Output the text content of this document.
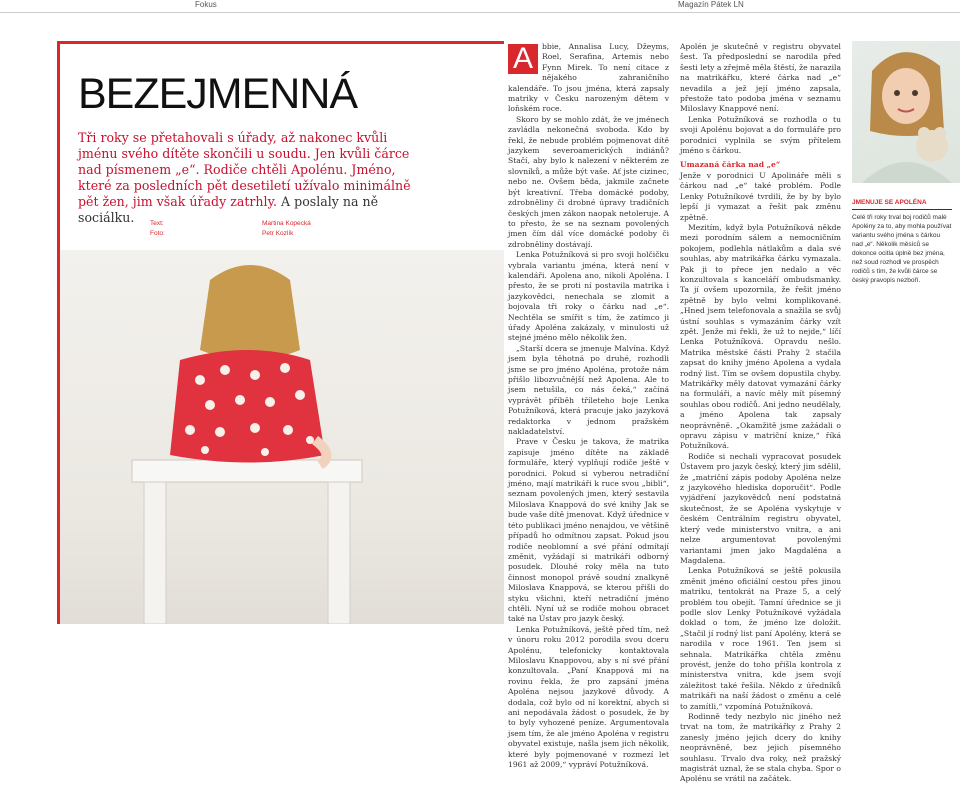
Fokus	Magazín Pátek LN
BEZEJMENNÁ

Tři roky se přetahovali s úřady, až nakonec kvůli jménu svého dítěte skončili u soudu. Jen kvůli čárce nad písmenem „e“. Rodiče chtěli Apolénu. Jméno, které za posledních pět desetiletí užívalo minimálně pět žen, jim však úřady zatrhly. A poslaly na ně sociálku.	Text:
Foto:
Martina Kopecká
Petr Kozlík
A	bbie, Annalisa Lucy, Džeyms, Roel, Serafina, Artemis nebo Fynn Mirek. To není citace z nějakého zahraničního kalendáře. To jsou jména, která zapsaly matriky v Česku narozeným dětem v loňském roce.

Skoro by se mohlo zdát, že ve jménech zavládla nekonečná svoboda. Kdo by řekl, že nebude problém pojmenovat dítě jazykem severoamerických indiánů? Stačí, aby bylo k nalezení v některém ze slovníků, a může být vaše. Ať jste cizinec, nebo ne. Ovšem běda, jakmile začnete být kreativní. Třeba domácké podoby, zdrobněliny či drobné úpravy tradičních českých jmen zákon naopak netoleruje. A to přesto, že se na seznam povolených jmen čím dál více domácké podoby či zdrobněliny dostávají.

Lenka Potužníková si pro svoji holčičku vybrala variantu jména, která není v kalendáři. Apolena ano, nikoli Apoléna. I přesto, že se proti ní postavila matrika i jazykovědci, nenechala se zlomit a bojovala tři roky o čárku nad „e“. Nechtěla se smířit s tím, že zatímco ji úřady Apoléna zakázaly, v minulosti už stejné jméno mělo několik žen.

„Starší dcera se jmenuje Malvína. Když jsem byla těhotná po druhé, rozhodli jsme se pro jméno Apoléna, protože nám přišlo libozvučnější než Apolena. Ale to jsem netušila, co nás čeká,“ začíná vyprávět příběh tříleteho boje Lenka Potužníková, která pracuje jako jazyková redaktorka v jednom pražském nakladatelství.

Prave v Česku je takova, že matrika zapisuje jméno dítěte na základě formuláře, který vyplňují rodiče ještě v porodnici. Pokud si vyberou netradiční jméno, mají matrikáři k ruce svou „bibli“, seznam povolených jmen, který sestavila Miloslava Knappová do své knihy Jak se bude vaše dítě jmenovat. Když úřednice v této publikaci jméno nenajdou, ve většině případů ho odmítnou zapsat. Pokud jsou rodiče neoblomní a své přání odmítají změnit, vyžádají si matrikáři odborný posudek. Dlouhé roky měla na tuto činnost monopol právě soudní znalkyně Miloslava Knappová, se kterou přišli do styku všichni, kteří netradiční jméno chtěli. Nyní už se rodiče mohou obracet také na Ústav pro jazyk český.

Lenka Potužníková, ještě před tím, než v únoru roku 2012 porodila svou dceru Apolénu, telefonicky kontaktovala Miloslavu Knappovou, aby s ní své přání konzultovala. „Paní Knappová mi na rovinu řekla, že pro zapsání jména Apoléna nejsou jazykové důvody. A dodala, což bylo od ní korektní, abych si ani nepodávala žádost o posudek, že by to byly vyhozené peníze. Argumentovala jsem tím, že ale jméno Apoléna v registru obyvatel existuje, našla jsem jich několik, které byly pojmenované v rozmezí let 1961 až 2009,“ vypráví Potužníková.

Apolén je skutečně v registru obyvatel šest. Ta předposlední se narodila před šesti lety a zřejmě měla štěstí, že narazila na matrikářku, které čárka nad „e“ nevadila a jež její jméno zapsala, přestože tato podoba jména v seznamu Miloslavy Knappové není.

Lenka Potužníková se rozhodla o tu svoji Apolénu bojovat a do formuláře pro porodnici vyplnila se svým přítelem jméno s čárkou.

Umazaná čárka nad „e“

Jenže v porodnici U Apolináře měli s čárkou nad „e“ také problém. Podle Lenky Potužníkové tvrdili, že by by bylo lepší ji vymazat a řešit pak změnu zpětně.

Mezitím, když byla Potužníková někde mezi porodním sálem a nemocničním pokojem, podlehla nátlakům a dala své souhlas, aby matrikářka čárku vymazala. Pak ji to přece jen nedalo a věc konzultovala s kanceláří ombudsmanky. Ta jí ovšem upozornila, že řešit jméno zpětně by bylo velmi komplikované. „Hned jsem telefonovala a snažila se svůj ústní souhlas s vymazáním čárky vzít zpět. Jenže mi řekli, že už to nejde,“ líčí Lenka Potužníková. Opravdu nešlo. Matrika městské části Prahy 2 stačila zapsat do knihy jméno Apolena a vydala rodný list. Tím se ovšem dopustila chyby. Matrikářky měly datovat vymazání čárky na formuláři, a navíc měly mít písemný souhlas obou rodičů. Ani jedno neudělaly, a jméno Apolena tak zapsaly neoprávněně. „Okamžitě jsme zažádali o opravu zápisu v matriční knize,“ říká Potužníková.

Rodiče si nechali vypracovat posudek Ústavem pro jazyk český, který jim sdělil, že „matriční zápis podoby Apoléna nelze z jazykového hlediska doporučit“. Podle vyjádření jazykovědců není podstatná skutečnost, že se Apoléna vyskytuje v českém Centrálním registru obyvatel, který vede ministerstvo vnitra, a ani nelze argumentovat povolenými variantami jmen jako Magdaléna a Magdalena.

Lenka Potužníková se ještě pokusila změnit jméno oficiální cestou přes jinou matriku, tentokrát na Praze 5, a celý problém tou obejít. Tamní úřednice se ji podle slov Lenky Potužníkové vyžádala doklad o tom, že jméno lze doložit. „Stačil jí rodný list paní Apolény, která se narodila v roce 1961. Ten jsem si sehnala. Matrikářka chtěla změnu provést, jenže do toho přišla kontrola z ministerstva vnitra, kde jsem svojí záležitost také řešila. Někdo z úředníků matrikáři na naší žádost o změnu a celé to zamítli,“ vzpomíná Potužníková.

Rodinně tedy nezbylo nic jiného než trvat na tom, že matrikářky z Prahy 2 zanesly jméno jejich dcery do knihy neoprávněně, bez jejich písemného souhlasu. Trvalo dva roky, než pražský magistrát uznal, že se stala chyba. Spor o Apolénu se vrátil na začátek.

JMENUJE SE APOLÉNA
Celé tři roky trval boj rodičů malé Apolény za to, aby mohla používat variantu svého jména s čárkou nad „e“. Několik měsíců se dokonce ocitla úplně bez jména, než soud rozhodl ve prospěch rodičů s tím, že kvůli čárce se český pravopis nezboří.
